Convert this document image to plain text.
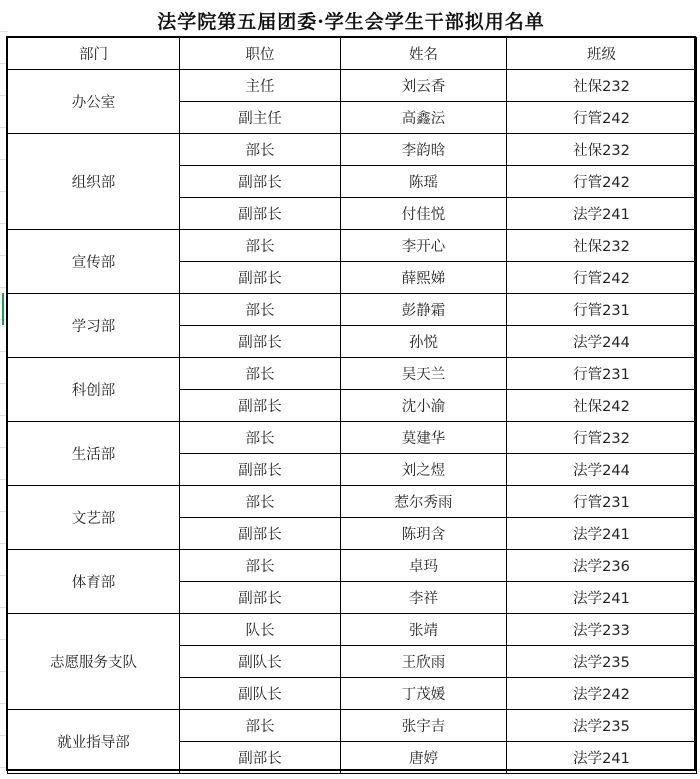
法学院第五届团委·学生会学生干部拟用名单
部门	职位	姓名	班级
办公室	主任	刘云香	社保232
	副主任	高鑫沄	行管242
组织部	部长	李韵晗	社保232
	副部长	陈瑶	行管242
	副部长	付佳悦	法学241
宣传部	部长	李开心	社保232
	副部长	薛熙娣	行管242
学习部	部长	彭静霜	行管231
	副部长	孙悦	法学244
科创部	部长	吴天兰	行管231
	副部长	沈小渝	社保242
生活部	部长	莫建华	行管232
	副部长	刘之煜	法学244
文艺部	部长	惹尔秀雨	行管231
	副部长	陈玥含	法学241
体育部	部长	卓玛	法学236
	副部长	李祥	法学241
志愿服务支队	队长	张靖	法学233
	副队长	王欣雨	法学235
	副队长	丁茂媛	法学242
就业指导部	部长	张宇吉	法学235
	副部长	唐婷	法学241
